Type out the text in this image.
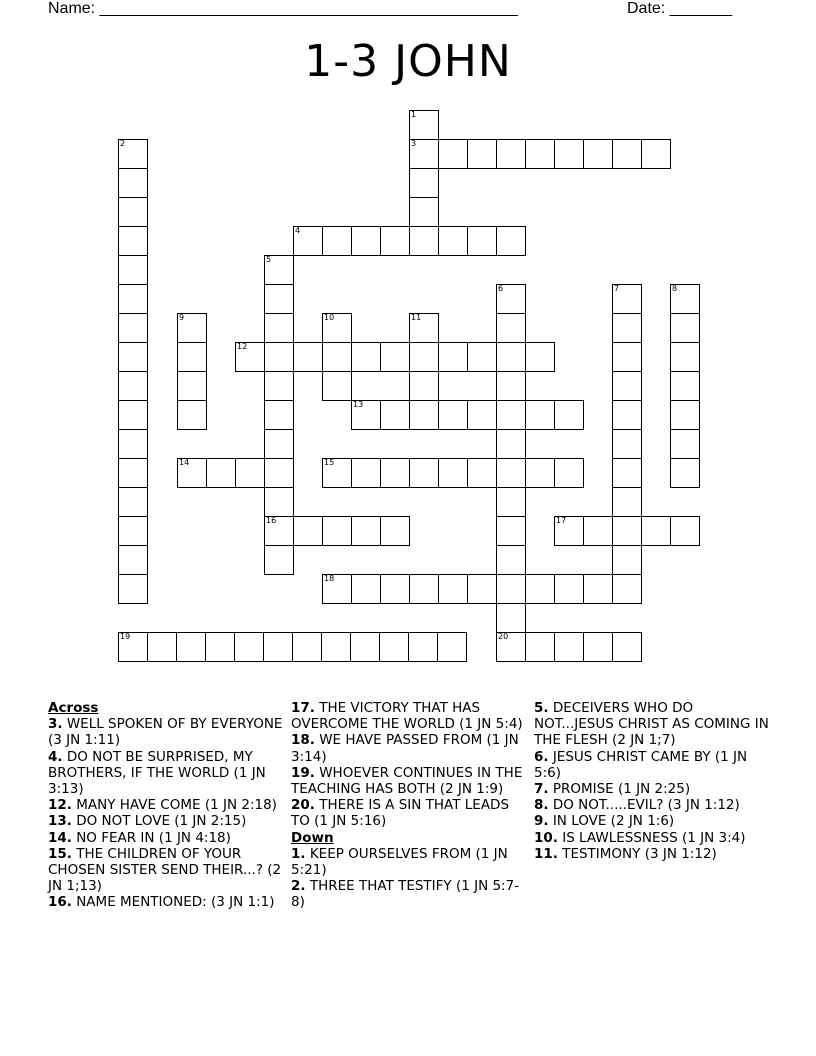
Name: _______________________________________________	Date: _______
1-3 JOHN
1
2	3
4
5
6	7	8
9	10	11
12
13
14	15
16	17
18
19	20
Across
3. WELL SPOKEN OF BY EVERYONE (3 JN 1:11)
4. DO NOT BE SURPRISED, MY BROTHERS, IF THE WORLD (1 JN 3:13)
12. MANY HAVE COME (1 JN 2:18)
13. DO NOT LOVE (1 JN 2:15)
14. NO FEAR IN (1 JN 4:18)
15. THE CHILDREN OF YOUR CHOSEN SISTER SEND THEIR...? (2 JN 1;13)
16. NAME MENTIONED: (3 JN 1:1)
17. THE VICTORY THAT HAS OVERCOME THE WORLD (1 JN 5:4)
18. WE HAVE PASSED FROM (1 JN 3:14)
19. WHOEVER CONTINUES IN THE TEACHING HAS BOTH (2 JN 1:9)
20. THERE IS A SIN THAT LEADS TO (1 JN 5:16)
Down
1. KEEP OURSELVES FROM (1 JN 5:21)
2. THREE THAT TESTIFY (1 JN 5:7-8)
5. DECEIVERS WHO DO NOT...JESUS CHRIST AS COMING IN THE FLESH (2 JN 1;7)
6. JESUS CHRIST CAME BY (1 JN 5:6)
7. PROMISE (1 JN 2:25)
8. DO NOT.....EVIL? (3 JN 1:12)
9. IN LOVE (2 JN 1:6)
10. IS LAWLESSNESS (1 JN 3:4)
11. TESTIMONY (3 JN 1:12)
